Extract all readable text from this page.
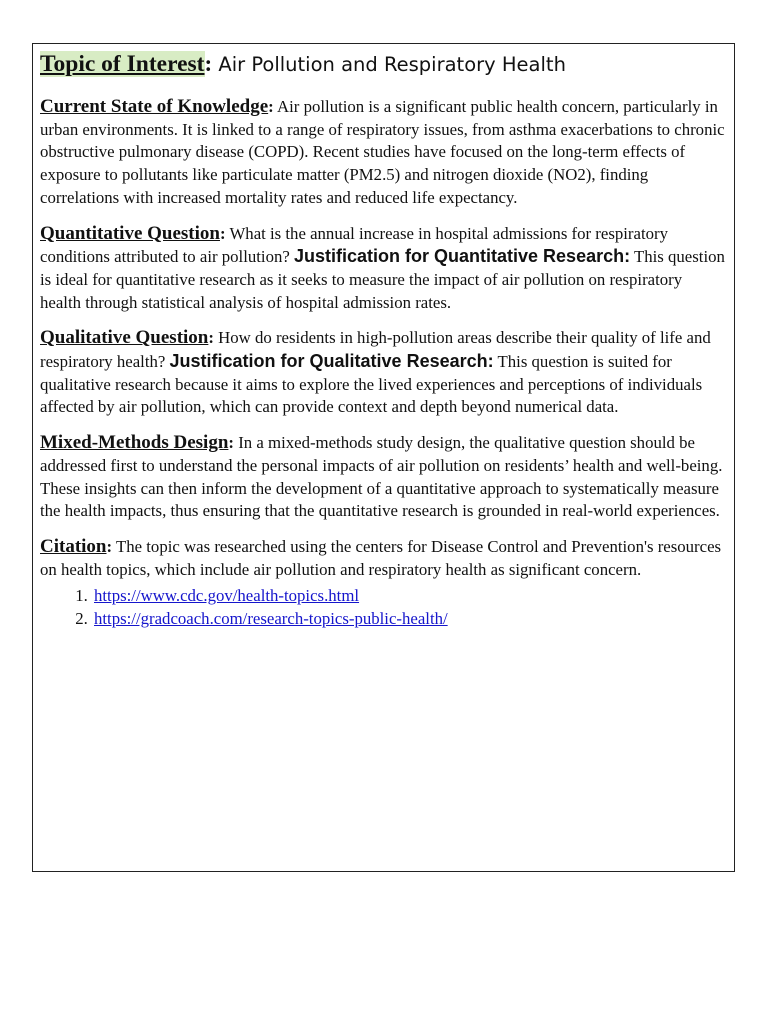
Topic of Interest: Air Pollution and Respiratory Health

Current State of Knowledge: Air pollution is a significant public health concern, particularly in urban environments. It is linked to a range of respiratory issues, from asthma exacerbations to chronic obstructive pulmonary disease (COPD). Recent studies have focused on the long-term effects of exposure to pollutants like particulate matter (PM2.5) and nitrogen dioxide (NO2), finding correlations with increased mortality rates and reduced life expectancy.

Quantitative Question: What is the annual increase in hospital admissions for respiratory conditions attributed to air pollution? Justification for Quantitative Research: This question is ideal for quantitative research as it seeks to measure the impact of air pollution on respiratory health through statistical analysis of hospital admission rates.

Qualitative Question: How do residents in high-pollution areas describe their quality of life and respiratory health? Justification for Qualitative Research: This question is suited for qualitative research because it aims to explore the lived experiences and perceptions of individuals affected by air pollution, which can provide context and depth beyond numerical data.

Mixed-Methods Design: In a mixed-methods study design, the qualitative question should be addressed first to understand the personal impacts of air pollution on residents’ health and well-being. These insights can then inform the development of a quantitative approach to systematically measure the health impacts, thus ensuring that the quantitative research is grounded in real-world experiences.

Citation: The topic was researched using the centers for Disease Control and Prevention's resources on health topics, which include air pollution and respiratory health as significant concern.

1. https://www.cdc.gov/health-topics.html
2. https://gradcoach.com/research-topics-public-health/
